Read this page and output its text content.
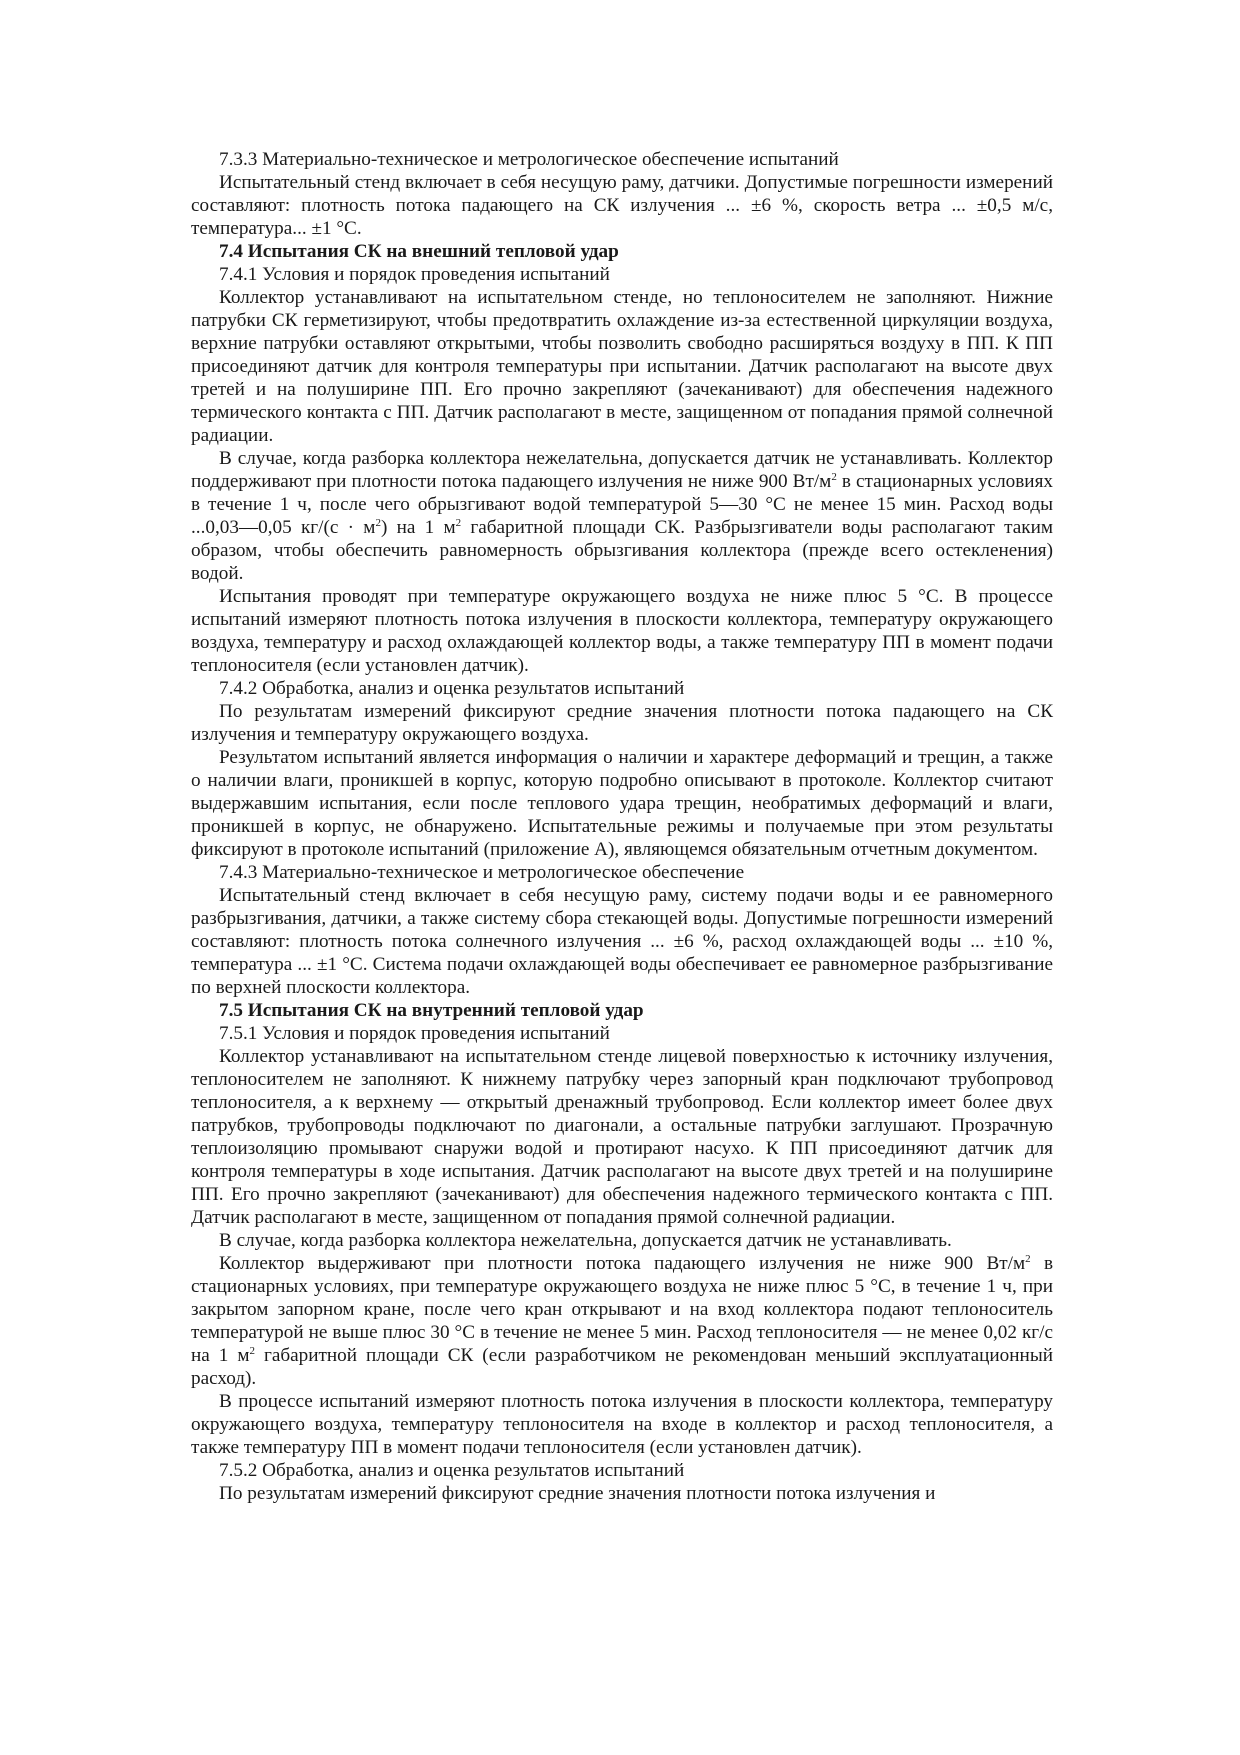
7.3.3 Материально-техническое и метрологическое обеспечение испытаний
Испытательный стенд включает в себя несущую раму, датчики. Допустимые погрешности измерений составляют: плотность потока падающего на СК излучения ... ±6 %, скорость ветра ... ±0,5 м/с, температура... ±1 °С.
7.4 Испытания СК на внешний тепловой удар
7.4.1 Условия и порядок проведения испытаний
Коллектор устанавливают на испытательном стенде, но теплоносителем не заполняют. Нижние патрубки СК герметизируют, чтобы предотвратить охлаждение из-за естественной циркуляции воздуха, верхние патрубки оставляют открытыми, чтобы позволить свободно расширяться воздуху в ПП. К ПП присоединяют датчик для контроля температуры при испытании. Датчик располагают на высоте двух третей и на полуширине ПП. Его прочно закрепляют (зачеканивают) для обеспечения надежного термического контакта с ПП. Датчик располагают в месте, защищенном от попадания прямой солнечной радиации.
В случае, когда разборка коллектора нежелательна, допускается датчик не устанавливать. Коллектор поддерживают при плотности потока падающего излучения не ниже 900 $Вт/м^2$ в стационарных условиях в течение 1 ч, после чего обрызгивают водой температурой 5—30 °С не менее 15 мин. Расход воды ...0,03—0,05 $кг/(с \cdot м^2)$ на 1 $м^2$ габаритной площади СК. Разбрызгиватели воды располагают таким образом, чтобы обеспечить равномерность обрызгивания коллектора (прежде всего остекленения) водой.
Испытания проводят при температуре окружающего воздуха не ниже плюс 5 °С. В процессе испытаний измеряют плотность потока излучения в плоскости коллектора, температуру окружающего воздуха, температуру и расход охлаждающей коллектор воды, а также температуру ПП в момент подачи теплоносителя (если установлен датчик).
7.4.2 Обработка, анализ и оценка результатов испытаний
По результатам измерений фиксируют средние значения плотности потока падающего на СК излучения и температуру окружающего воздуха.
Результатом испытаний является информация о наличии и характере деформаций и трещин, а также о наличии влаги, проникшей в корпус, которую подробно описывают в протоколе. Коллектор считают выдержавшим испытания, если после теплового удара трещин, необратимых деформаций и влаги, проникшей в корпус, не обнаружено. Испытательные режимы и получаемые при этом результаты фиксируют в протоколе испытаний (приложение А), являющемся обязательным отчетным документом.
7.4.3 Материально-техническое и метрологическое обеспечение
Испытательный стенд включает в себя несущую раму, систему подачи воды и ее равномерного разбрызгивания, датчики, а также систему сбора стекающей воды. Допустимые погрешности измерений составляют: плотность потока солнечного излучения ... ±6 %, расход охлаждающей воды ... ±10 %, температура ... ±1 °С. Система подачи охлаждающей воды обеспечивает ее равномерное разбрызгивание по верхней плоскости коллектора.
7.5 Испытания СК на внутренний тепловой удар
7.5.1 Условия и порядок проведения испытаний
Коллектор устанавливают на испытательном стенде лицевой поверхностью к источнику излучения, теплоносителем не заполняют. К нижнему патрубку через запорный кран подключают трубопровод теплоносителя, а к верхнему — открытый дренажный трубопровод. Если коллектор имеет более двух патрубков, трубопроводы подключают по диагонали, а остальные патрубки заглушают. Прозрачную теплоизоляцию промывают снаружи водой и протирают насухо. К ПП присоединяют датчик для контроля температуры в ходе испытания. Датчик располагают на высоте двух третей и на полуширине ПП. Его прочно закрепляют (зачеканивают) для обеспечения надежного термического контакта с ПП. Датчик располагают в месте, защищенном от попадания прямой солнечной радиации.
В случае, когда разборка коллектора нежелательна, допускается датчик не устанавливать.
Коллектор выдерживают при плотности потока падающего излучения не ниже 900 $Вт/м^2$ в стационарных условиях, при температуре окружающего воздуха не ниже плюс 5 °С, в течение 1 ч, при закрытом запорном кране, после чего кран открывают и на вход коллектора подают теплоноситель температурой не выше плюс 30 °С в течение не менее 5 мин. Расход теплоносителя — не менее 0,02 кг/с на 1 $м^2$ габаритной площади СК (если разработчиком не рекомендован меньший эксплуатационный расход).
В процессе испытаний измеряют плотность потока излучения в плоскости коллектора, температуру окружающего воздуха, температуру теплоносителя на входе в коллектор и расход теплоносителя, а также температуру ПП в момент подачи теплоносителя (если установлен датчик).
7.5.2 Обработка, анализ и оценка результатов испытаний
По результатам измерений фиксируют средние значения плотности потока излучения и
